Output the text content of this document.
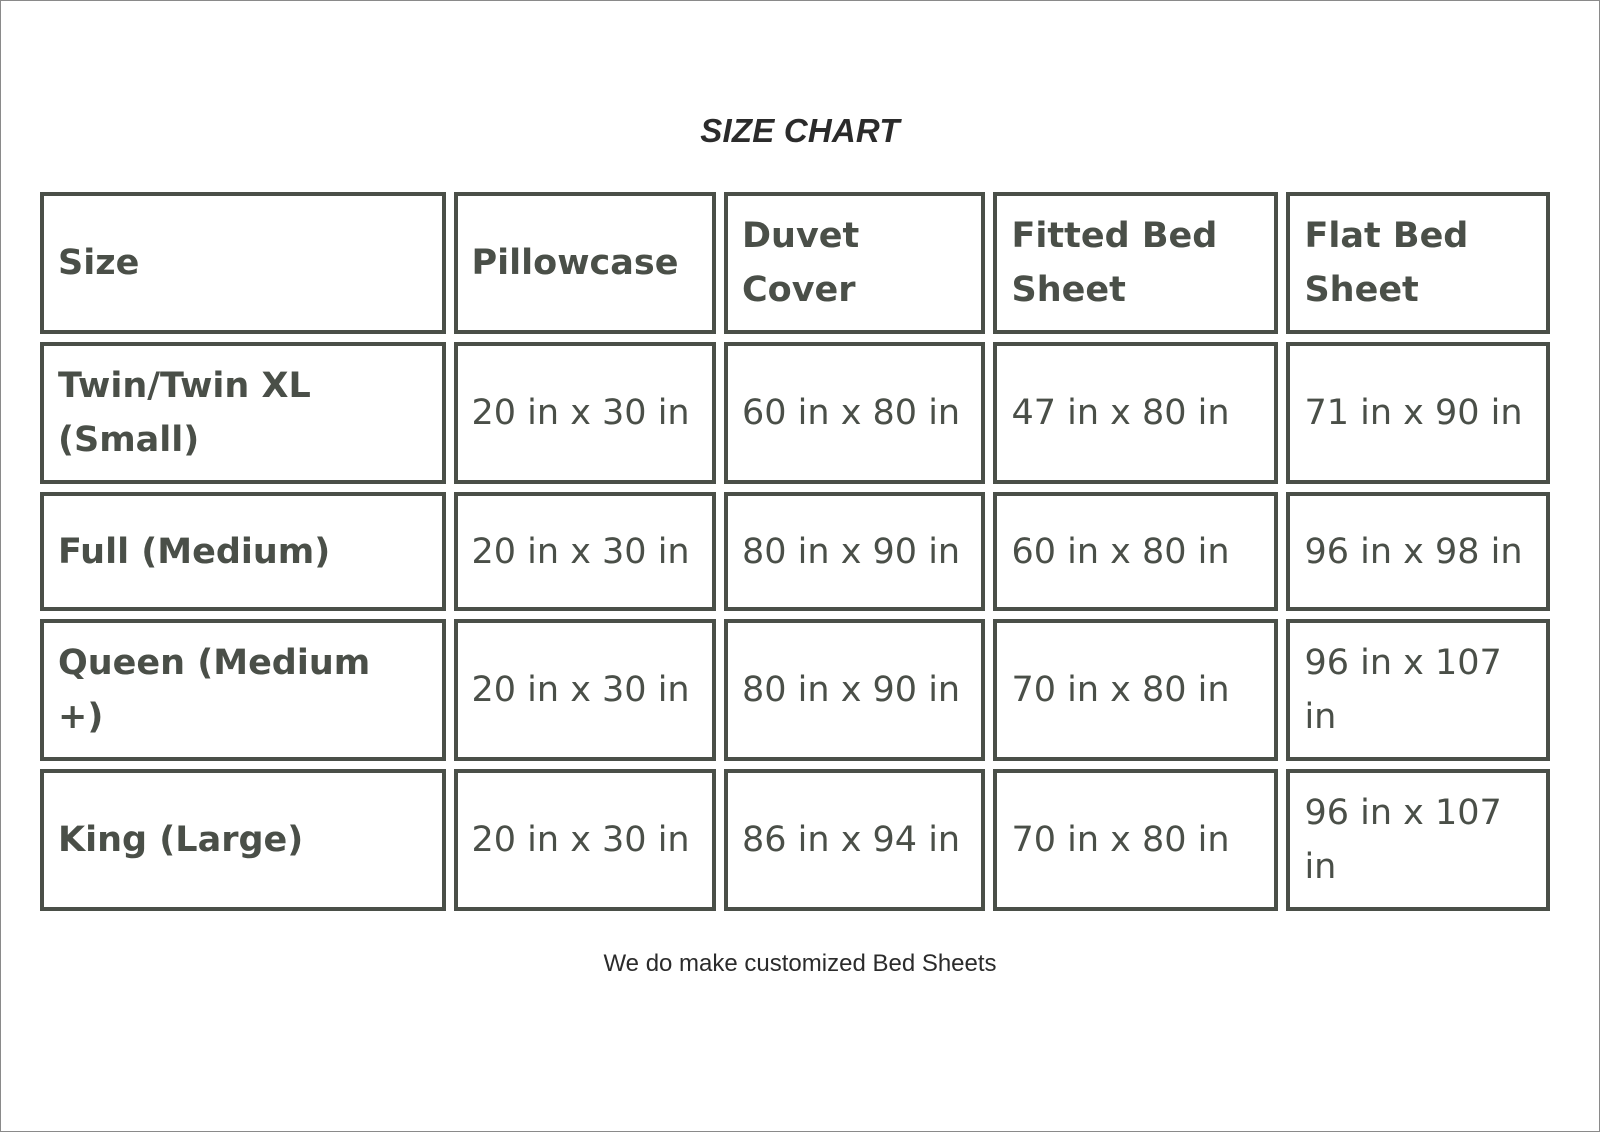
SIZE CHART
Size	Pillowcase	Duvet Cover	Fitted Bed Sheet	Flat Bed Sheet
Twin/Twin XL (Small)	20 in x 30 in	60 in x 80 in	47 in x 80 in	71 in x 90 in
Full (Medium)	20 in x 30 in	80 in x 90 in	60 in x 80 in	96 in x 98 in
Queen (Medium +)	20 in x 30 in	80 in x 90 in	70 in x 80 in	96 in x 107 in
King (Large)	20 in x 30 in	86 in x 94 in	70 in x 80 in	96 in x 107 in
We do make customized Bed Sheets
